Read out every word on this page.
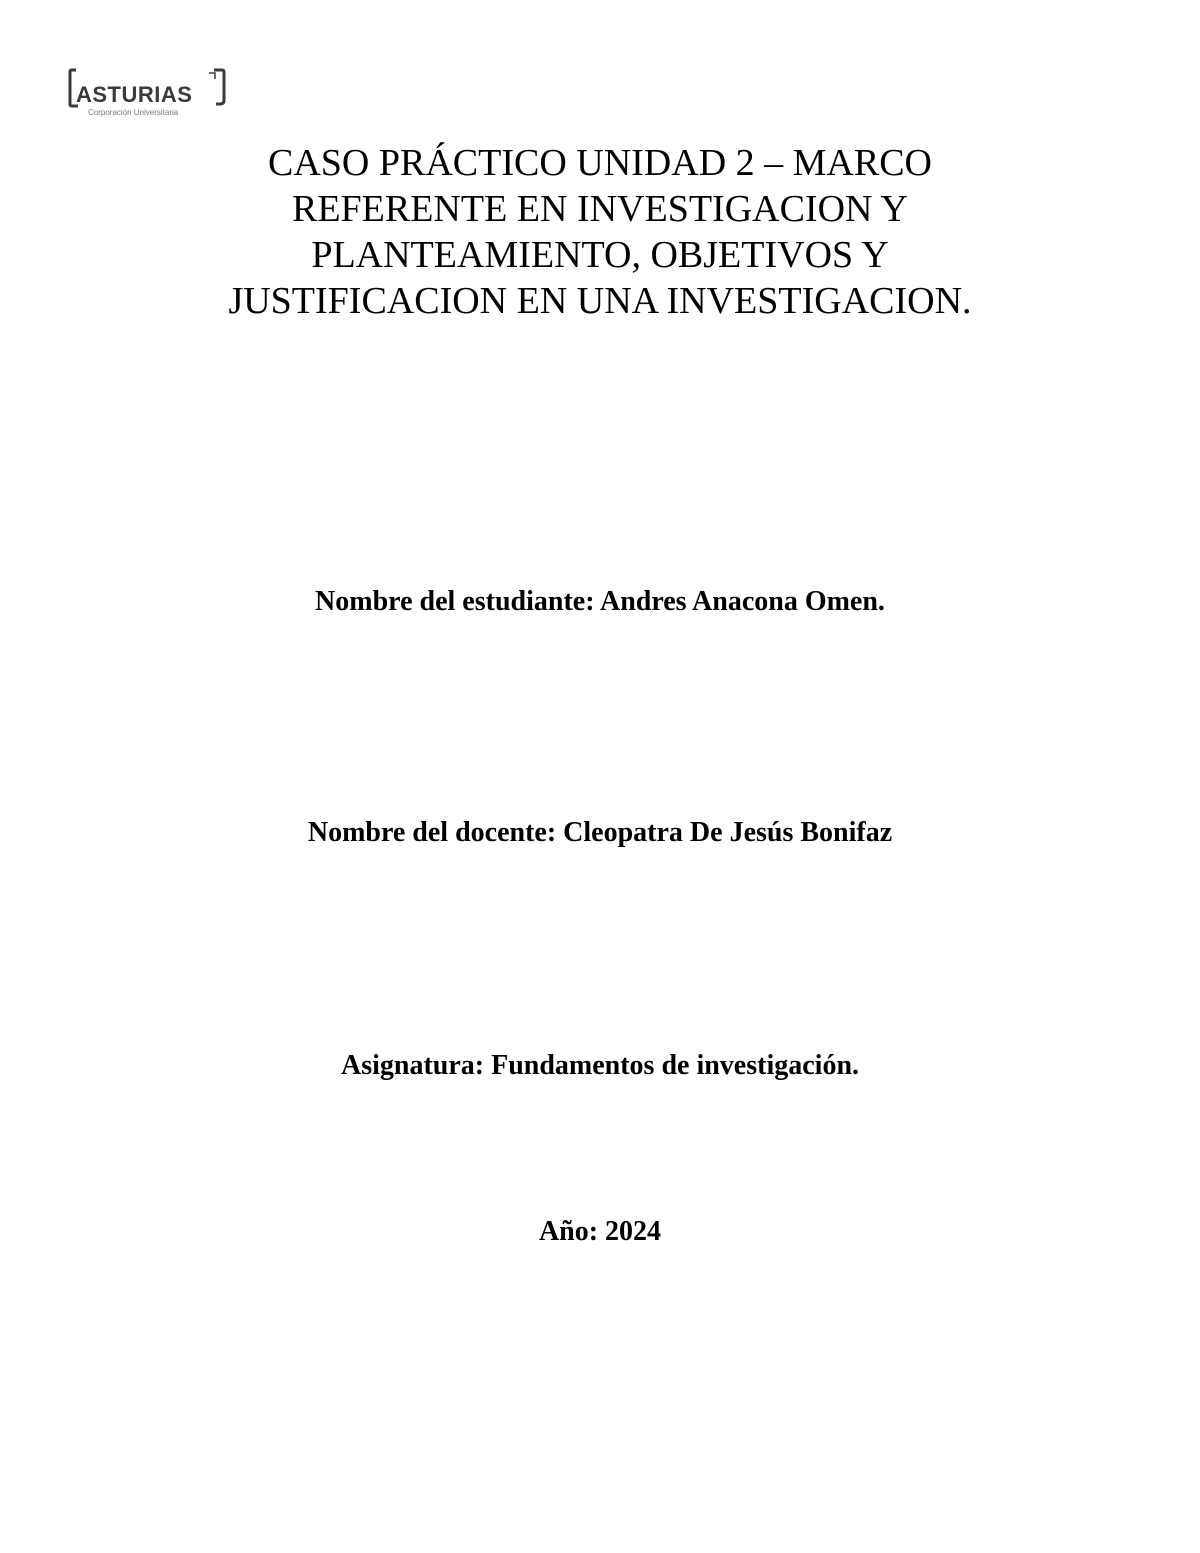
ASTURIAS
Corporación Universitaria
CASO PRÁCTICO UNIDAD 2 – MARCO
REFERENTE EN INVESTIGACION Y
PLANTEAMIENTO, OBJETIVOS Y
JUSTIFICACION EN UNA INVESTIGACION.
Nombre del estudiante: Andres Anacona Omen.
Nombre del docente: Cleopatra De Jesús Bonifaz
Asignatura: Fundamentos de investigación.
Año: 2024
